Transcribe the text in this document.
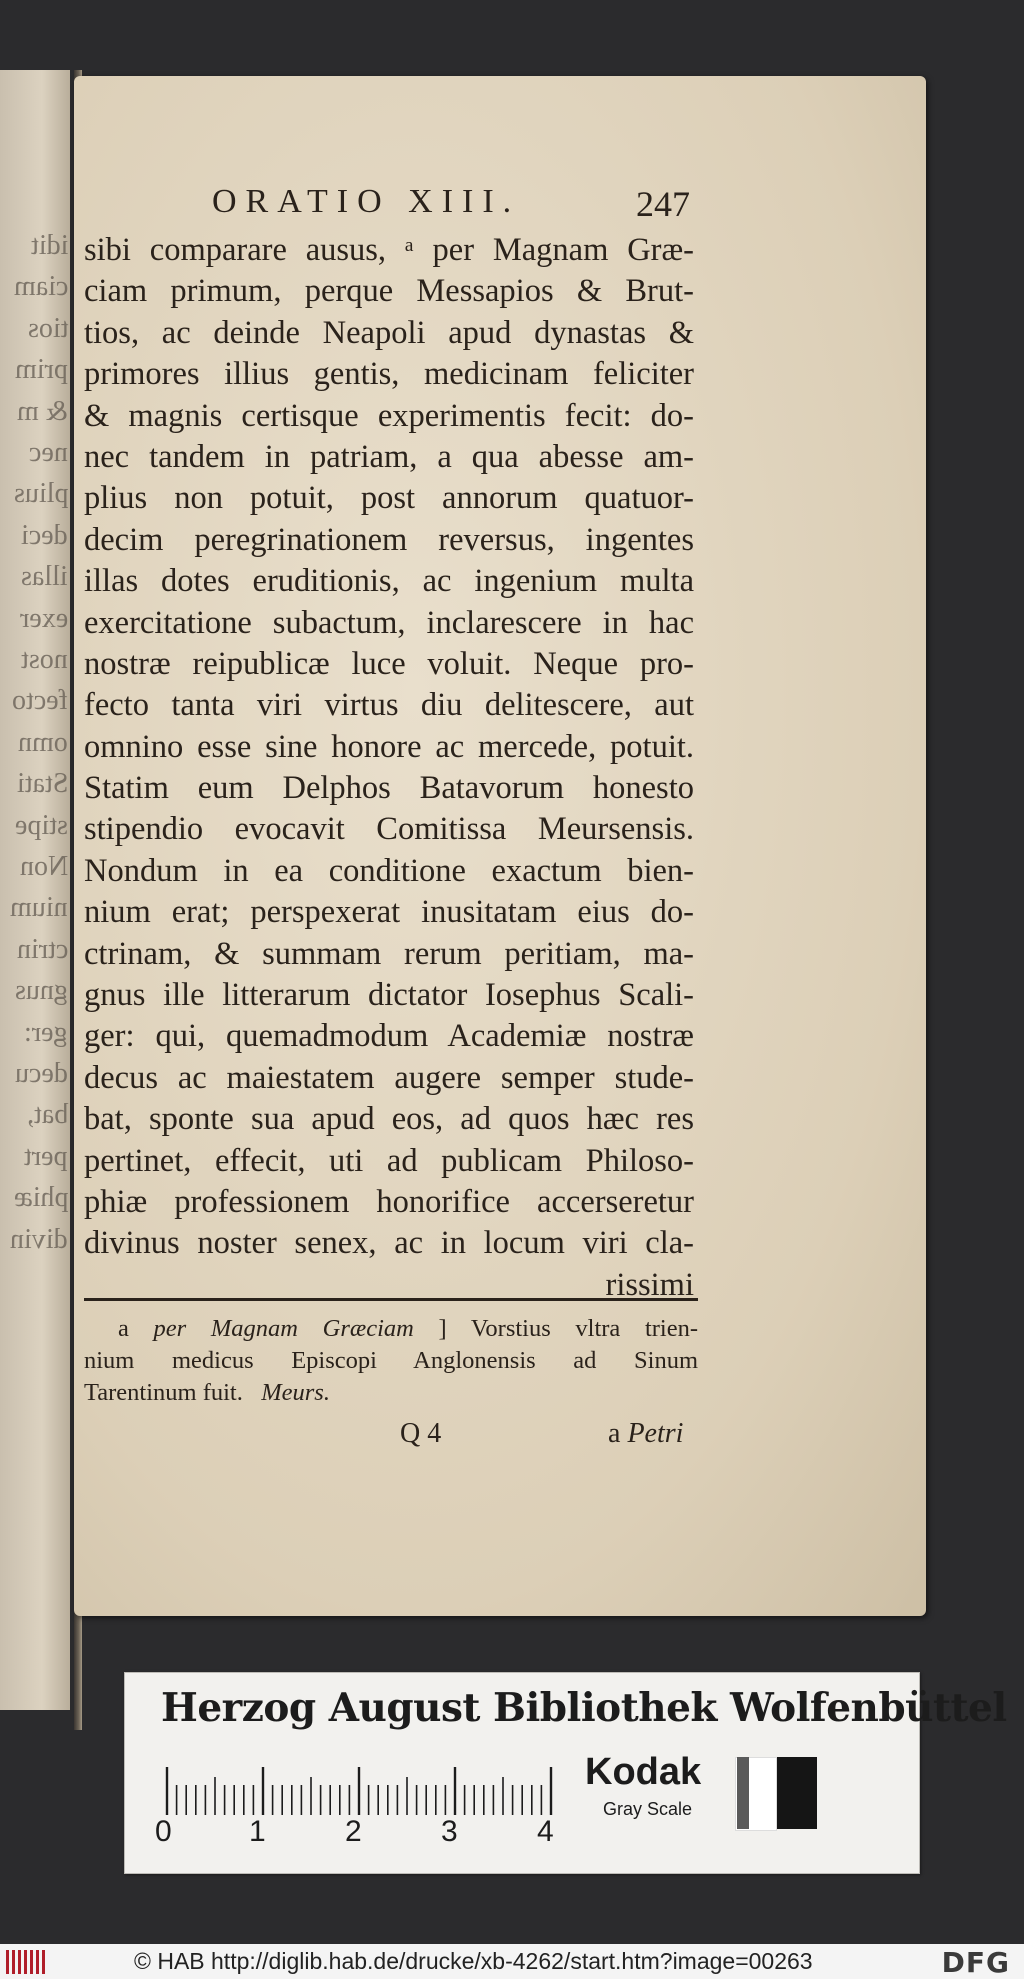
idit
ciam
tios
prim
& m
nec
plius
deci
illas
exer
nost
fecto
omn
Stati
stipe
Non
nium
ctrin
gnus
ger:
decu
bat,
pert
phiæ
divin
ORATIO XIII.	247
sibi comparare ausus, ᵃ per Magnam Græ-
ciam primum, perque Messapios & Brut-
tios, ac deinde Neapoli apud dynastas &
primores illius gentis, medicinam feliciter
& magnis certisque experimentis fecit: do-
nec tandem in patriam, a qua abesse am-
plius non potuit, post annorum quatuor-
decim peregrinationem reversus, ingentes
illas dotes eruditionis, ac ingenium multa
exercitatione subactum, inclarescere in hac
nostræ reipublicæ luce voluit. Neque pro-
fecto tanta viri virtus diu delitescere, aut
omnino esse sine honore ac mercede, potuit.
Statim eum Delphos Batavorum honesto
stipendio evocavit Comitissa Meursensis.
Nondum in ea conditione exactum bien-
nium erat; perspexerat inusitatam eius do-
ctrinam, & summam rerum peritiam, ma-
gnus ille litterarum dictator Iosephus Scali-
ger: qui, quemadmodum Academiæ nostræ
decus ac maiestatem augere semper stude-
bat, sponte sua apud eos, ad quos hæc res
pertinet, effecit, uti ad publicam Philoso-
phiæ professionem honorifice accerseretur
divinus noster senex, ac in locum viri cla-
rissimi
a per Magnam Græciam ] Vorstius vltra trien-
nium medicus Episcopi Anglonensis ad Sinum
Tarentinum fuit. Meurs.
Q 4	a Petri
Herzog August Bibliothek Wolfenbüttel
0	1	2	3	4
Kodak
Gray Scale
© HAB http://diglib.hab.de/drucke/xb-4262/start.htm?image=00263	DFG
